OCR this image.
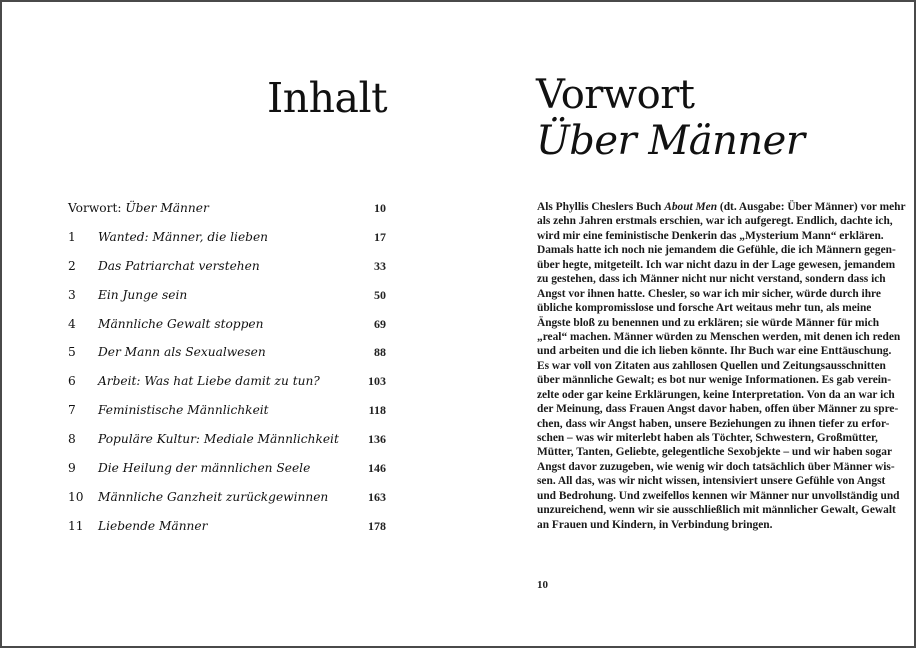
Inhalt
Vorwort: Über Männer	10
1 Wanted: Männer, die lieben	17
2 Das Patriarchat verstehen	33
3 Ein Junge sein	50
4 Männliche Gewalt stoppen	69
5 Der Mann als Sexualwesen	88
6 Arbeit: Was hat Liebe damit zu tun?	103
7 Feministische Männlichkeit	118
8 Populäre Kultur: Mediale Männlichkeit 136
9 Die Heilung der männlichen Seele	146
10 Männliche Ganzheit zurückgewinnen	163
11 Liebende Männer	178
Vorwort
Über Männer

Als Phyllis Cheslers Buch About Men (dt. Ausgabe: Über Männer) vor mehr
als zehn Jahren erstmals erschien, war ich aufgeregt. Endlich, dachte ich,
wird mir eine feministische Denkerin das „Mysterium Mann“ erklären.
Damals hatte ich noch nie jemandem die Gefühle, die ich Männern gegen-
über hegte, mitgeteilt. Ich war nicht dazu in der Lage gewesen, jemandem
zu gestehen, dass ich Männer nicht nur nicht verstand, sondern dass ich
Angst vor ihnen hatte. Chesler, so war ich mir sicher, würde durch ihre
übliche kompromisslose und forsche Art weitaus mehr tun, als meine
Ängste bloß zu benennen und zu erklären; sie würde Männer für mich
„real“ machen. Männer würden zu Menschen werden, mit denen ich reden
und arbeiten und die ich lieben könnte. Ihr Buch war eine Enttäuschung.
Es war voll von Zitaten aus zahllosen Quellen und Zeitungsausschnitten
über männliche Gewalt; es bot nur wenige Informationen. Es gab verein-
zelte oder gar keine Erklärungen, keine Interpretation. Von da an war ich
der Meinung, dass Frauen Angst davor haben, offen über Männer zu spre-
chen, dass wir Angst haben, unsere Beziehungen zu ihnen tiefer zu erfor-
schen – was wir miterlebt haben als Töchter, Schwestern, Großmütter,
Mütter, Tanten, Geliebte, gelegentliche Sexobjekte – und wir haben sogar
Angst davor zuzugeben, wie wenig wir doch tatsächlich über Männer wis-
sen. All das, was wir nicht wissen, intensiviert unsere Gefühle von Angst
und Bedrohung. Und zweifellos kennen wir Männer nur unvollständig und
unzureichend, wenn wir sie ausschließlich mit männlicher Gewalt, Gewalt
an Frauen und Kindern, in Verbindung bringen.

10
